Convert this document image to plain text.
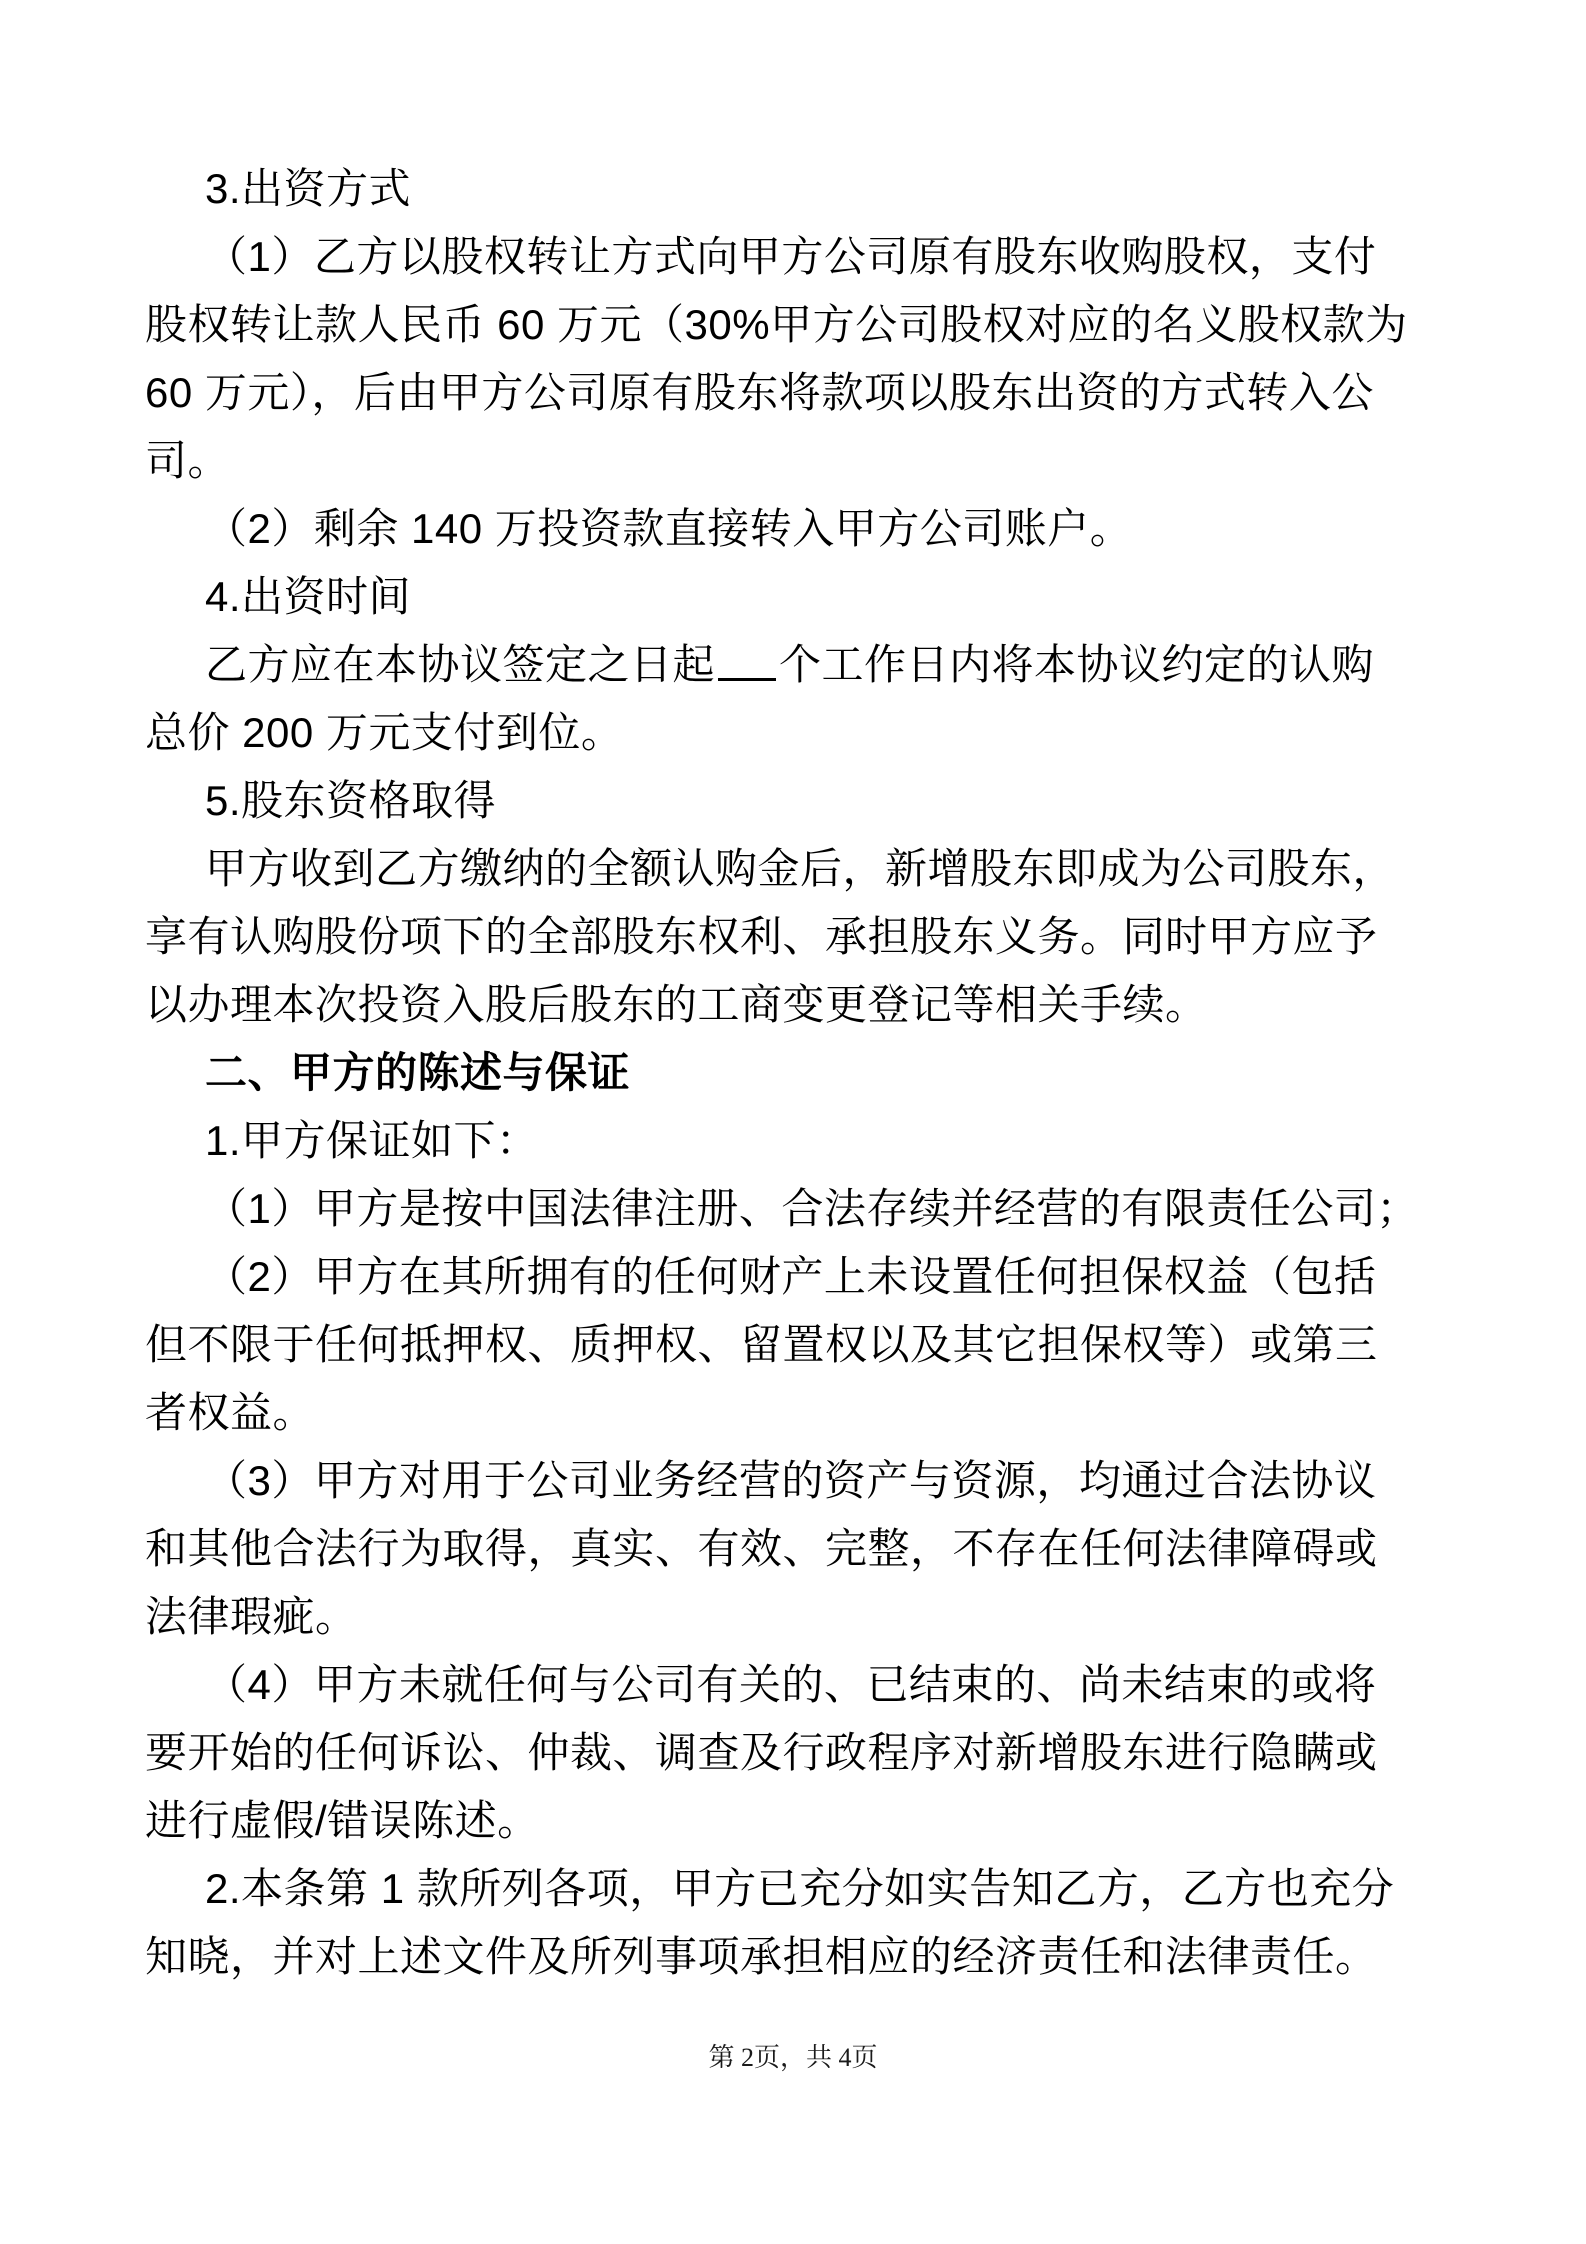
3.出资方式
（1）乙方以股权转让方式向甲方公司原有股东收购股权，支付
股权转让款人民币 60 万元（30%甲方公司股权对应的名义股权款为
60 万元），后由甲方公司原有股东将款项以股东出资的方式转入公
司。
（2）剩余 140 万投资款直接转入甲方公司账户。
4.出资时间
乙方应在本协议签定之日起 个工作日内将本协议约定的认购
总价 200 万元支付到位。
5.股东资格取得
甲方收到乙方缴纳的全额认购金后，新增股东即成为公司股东，
享有认购股份项下的全部股东权利、承担股东义务。同时甲方应予
以办理本次投资入股后股东的工商变更登记等相关手续。
二、甲方的陈述与保证
1.甲方保证如下：
（1）甲方是按中国法律注册、合法存续并经营的有限责任公司；
（2）甲方在其所拥有的任何财产上未设置任何担保权益（包括
但不限于任何抵押权、质押权、留置权以及其它担保权等）或第三
者权益。
（3）甲方对用于公司业务经营的资产与资源，均通过合法协议
和其他合法行为取得，真实、有效、完整，不存在任何法律障碍或
法律瑕疵。
（4）甲方未就任何与公司有关的、已结束的、尚未结束的或将
要开始的任何诉讼、仲裁、调查及行政程序对新增股东进行隐瞒或
进行虚假/错误陈述。
2.本条第 1 款所列各项，甲方已充分如实告知乙方，乙方也充分
知晓，并对上述文件及所列事项承担相应的经济责任和法律责任。
第 2页，共 4页
